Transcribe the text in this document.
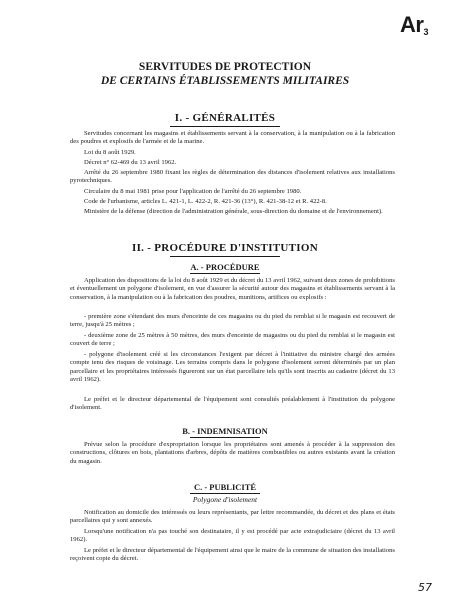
$Ar_3$
SERVITUDES DE PROTECTION
DE CERTAINS ÉTABLISSEMENTS MILITAIRES
I. - GÉNÉRALITÉS
Servitudes concernant les magasins et établissements servant à la conservation, à la manipulation ou à la fabrication des poudres et explosifs de l'armée et de la marine.
Loi du 8 août 1929.
Décret n° 62-469 du 13 avril 1962.
Arrêté du 26 septembre 1980 fixant les règles de détermination des distances d'isolement relatives aux installations pyrotechniques.
Circulaire du 8 mai 1981 prise pour l'application de l'arrêté du 26 septembre 1980.
Code de l'urbanisme, articles L. 421-1, L. 422-2, R. 421-36 (13°), R. 421-38-12 et R. 422-8.
Ministère de la défense (direction de l'administration générale, sous-direction du domaine et de l'environnement).
II. - PROCÉDURE D'INSTITUTION
A. - PROCÉDURE
Application des dispositions de la loi du 8 août 1929 et du décret du 13 avril 1962, suivant deux zones de prohibitions et éventuellement un polygone d'isolement, en vue d'assurer la sécurité autour des magasins et établissements servant à la conservation, à la manipulation ou à la fabrication des poudres, munitions, artifices ou explosifs :
- première zone s'étendant des murs d'enceinte de ces magasins ou du pied du remblai si le magasin est recouvert de terre, jusqu'à 25 mètres ;
- deuxième zone de 25 mètres à 50 mètres, des murs d'enceinte de magasins ou du pied du remblai si le magasin est couvert de terre ;
- polygone d'isolement créé si les circonstances l'exigent par décret à l'initiative du ministre chargé des armées compte tenu des risques de voisinage. Les terrains compris dans le polygone d'isolement seront déterminés par un plan parcellaire et les propriétaires intéressés figureront sur un état parcellaire tels qu'ils sont inscrits au cadastre (décret du 13 avril 1962).
Le préfet et le directeur départemental de l'équipement sont consultés préalablement à l'institution du polygone d'isolement.
B. - INDEMNISATION
Prévue selon la procédure d'expropriation lorsque les propriétaires sont amenés à procéder à la suppression des constructions, clôtures en bois, plantations d'arbres, dépôts de matières combustibles ou autres existants avant la création du magasin.
C. - PUBLICITÉ
Polygone d'isolement
Notification au domicile des intéressés ou leurs représentants, par lettre recommandée, du décret et des plans et états parcellaires qui y sont annexés.
Lorsqu'une notification n'a pas touché son destinataire, il y est procédé par acte extrajudiciaire (décret du 13 avril 1962).
Le préfet et le directeur départemental de l'équipement ainsi que le maire de la commune de situation des installations reçoivent copie du décret.
57
